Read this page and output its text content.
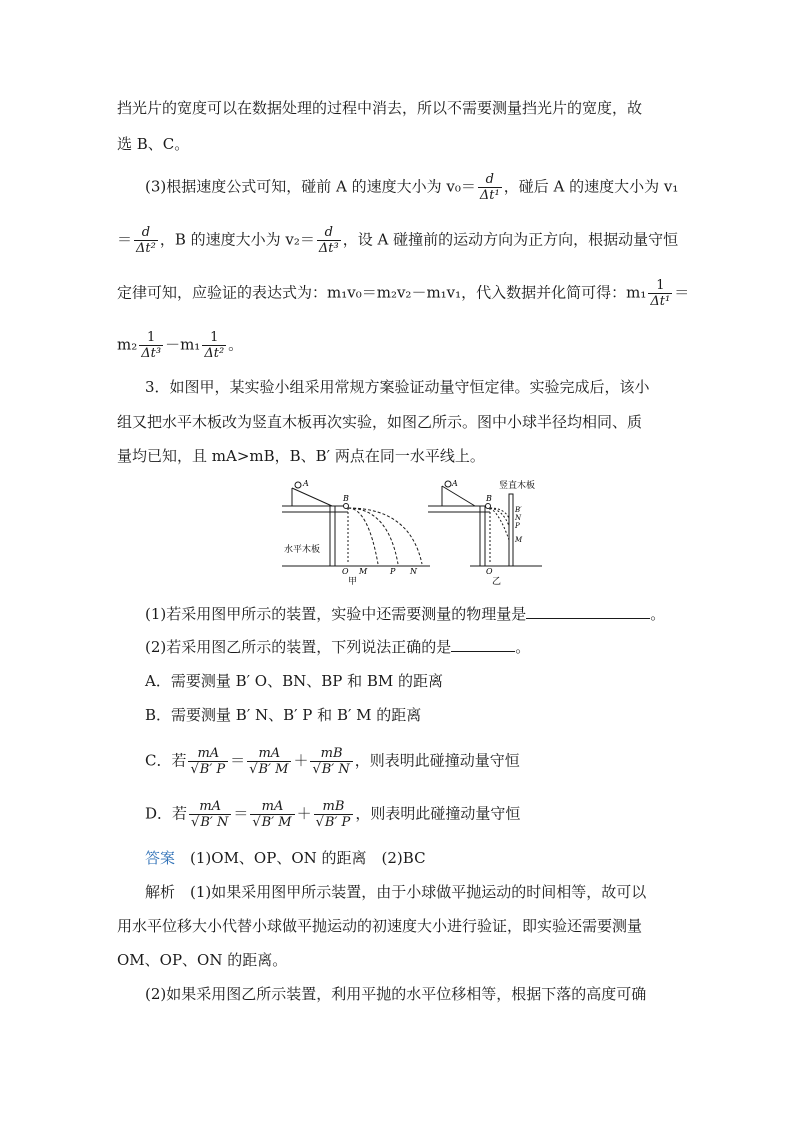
挡光片的宽度可以在数据处理的过程中消去，所以不需要测量挡光片的宽度，故
选 B、C。
(3)根据速度公式可知，碰前 A 的速度大小为 $v_0= \frac{d}{\text{Δt¹}}$ ，碰后 A 的速度大小为 v₁
＝ $\frac{d}{\text{Δt²}}$ ，B 的速度大小为 $v_2= \frac{d}{\text{Δt³}}$ ，设 A 碰撞前的运动方向为正方向，根据动量守恒
定律可知，应验证的表达式为：m₁v₀＝m₂v₂－m₁v₁，代入数据并化简可得：$m_1 \frac{1}{\text{Δt¹}}$ ＝
$m_2 \frac{1}{\text{Δt³}} -m_1 \frac{1}{\text{Δt²}}$ 。
3．如图甲，某实验小组采用常规方案验证动量守恒定律。实验完成后，该小
组又把水平木板改为竖直木板再次实验，如图乙所示。图中小球半径均相同、质
量均已知，且 mA>mB，B、B′ 两点在同一水平线上。
A
B
O M	P N
水平木板
甲
A
B
B′
N
P
M
O
竖直木板
乙
(1)若采用图甲所示的装置，实验中还需要测量的物理量是	。
(2)若采用图乙所示的装置，下列说法正确的是	。
A．需要测量 B′ O、BN、BP 和 BM 的距离
B．需要测量 B′ N、B′ P 和 B′ M 的距离
C．若 $\frac{mA}{√B' P} = \frac{mA}{√B' M} + \frac{mB}{√B' N}$ ，则表明此碰撞动量守恒
D．若 $\frac{mA}{√B' N} = \frac{mA}{√B' M} + \frac{mB}{√B' P}$ ，则表明此碰撞动量守恒
答案　 (1)OM、OP、ON 的距离　(2)BC
解析　(1)如果采用图甲所示装置，由于小球做平抛运动的时间相等，故可以
用水平位移大小代替小球做平抛运动的初速度大小进行验证，即实验还需要测量
OM、OP、ON 的距离。
(2)如果采用图乙所示装置，利用平抛的水平位移相等，根据下落的高度可确
